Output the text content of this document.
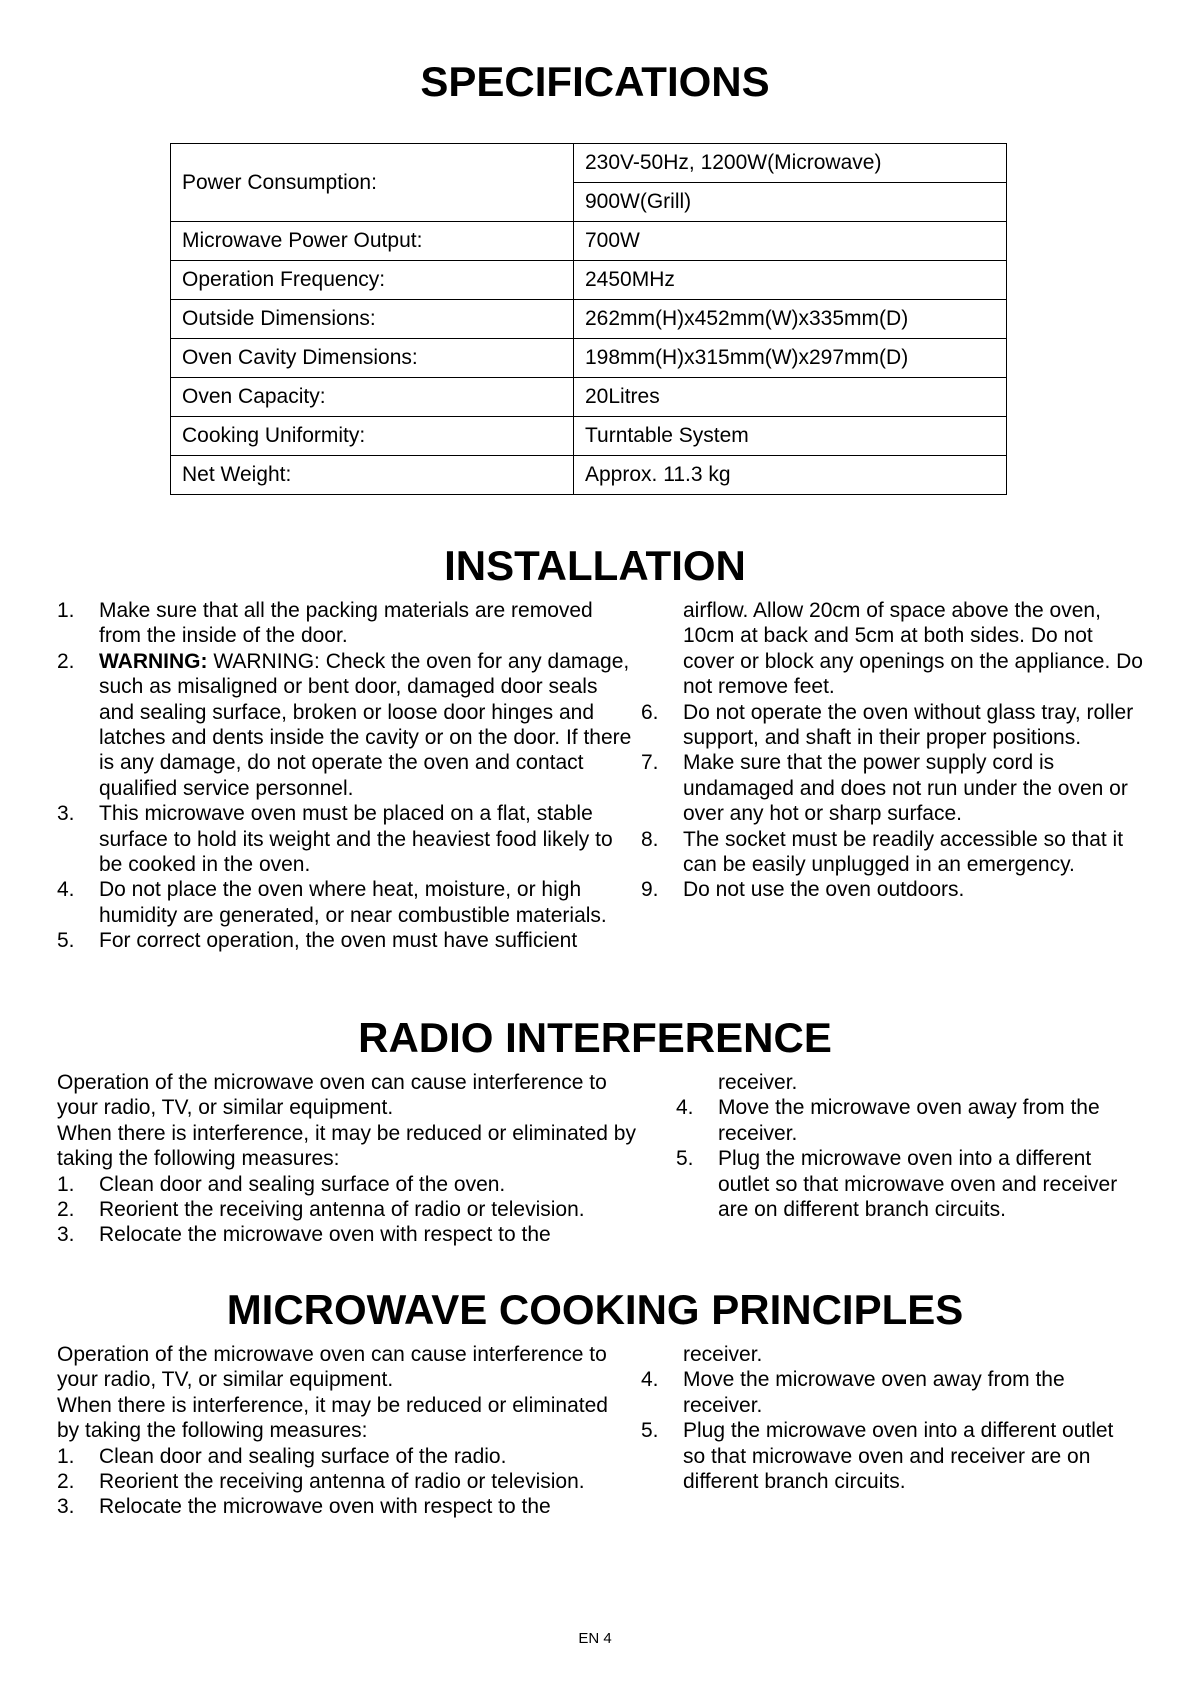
SPECIFICATIONS
Power Consumption:	230V-50Hz, 1200W(Microwave)
	900W(Grill)
Microwave Power Output:	700W
Operation Frequency:	2450MHz
Outside Dimensions:	262mm(H)x452mm(W)x335mm(D)
Oven Cavity Dimensions:	198mm(H)x315mm(W)x297mm(D)
Oven Capacity:	20Litres
Cooking Uniformity:	Turntable System
Net Weight:	Approx. 11.3 kg
INSTALLATION
1. Make sure that all the packing materials are removed from the inside of the door.
2. WARNING: WARNING: Check the oven for any damage, such as misaligned or bent door, damaged door seals and sealing surface, broken or loose door hinges and latches and dents inside the cavity or on the door. If there is any damage, do not operate the oven and contact qualified service personnel.
3. This microwave oven must be placed on a flat, stable surface to hold its weight and the heaviest food likely to be cooked in the oven.
4. Do not place the oven where heat, moisture, or high humidity are generated, or near combustible materials.
5. For correct operation, the oven must have sufficient
airflow. Allow 20cm of space above the oven, 10cm at back and 5cm at both sides. Do not cover or block any openings on the appliance. Do not remove feet.
6. Do not operate the oven without glass tray, roller support, and shaft in their proper positions.
7. Make sure that the power supply cord is undamaged and does not run under the oven or over any hot or sharp surface.
8. The socket must be readily accessible so that it can be easily unplugged in an emergency.
9. Do not use the oven outdoors.
RADIO INTERFERENCE
Operation of the microwave oven can cause interference to your radio, TV, or similar equipment.
When there is interference, it may be reduced or eliminated by taking the following measures:
1. Clean door and sealing surface of the oven.
2. Reorient the receiving antenna of radio or television.
3. Relocate the microwave oven with respect to the
receiver.
4. Move the microwave oven away from the receiver.
5. Plug the microwave oven into a different outlet so that microwave oven and receiver are on different branch circuits.
MICROWAVE COOKING PRINCIPLES
Operation of the microwave oven can cause interference to your radio, TV, or similar equipment.
When there is interference, it may be reduced or eliminated by taking the following measures:
1. Clean door and sealing surface of the radio.
2. Reorient the receiving antenna of radio or television.
3. Relocate the microwave oven with respect to the
receiver.
4. Move the microwave oven away from the receiver.
5. Plug the microwave oven into a different outlet so that microwave oven and receiver are on different branch circuits.
EN 4
